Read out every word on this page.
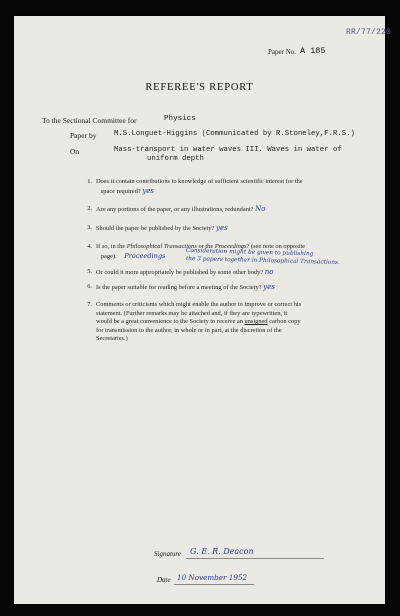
RR/77/220
Paper No. A 185
REFEREE'S REPORT
To the Sectional Committee for	Physics
Paper by M.S.Longuet-Higgins (Communicated by R.Stoneley,F.R.S.)
On	Mass-transport in water waves III. Waves in water of
uniform depth
1. Does it contain contributions to knowledge of sufficient scientific interest for the
space required? yes
2. Are any portions of the paper, or any illustrations, redundant? No
3. Should the paper be published by the Society? yes
4. If so, in the Philosophical Transactions or the Proceedings? (see note on opposite
page). Proceedings	Consideration might be given to publishing
the 3 papers together in Philosophical Transactions.
5. Or could it more appropriately be published by some other body? no
6. Is the paper suitable for reading before a meeting of the Society? yes
7. Comments or criticisms which might enable the author to improve or correct his
statement. (Further remarks may be attached and, if they are typewritten, it
would be a great convenience to the Society to receive an unsigned carbon copy
for transmission to the author, in whole or in part, at the discretion of the
Secretaries.)
Signature G. E. R. Deacon
Date 10 November 1952
